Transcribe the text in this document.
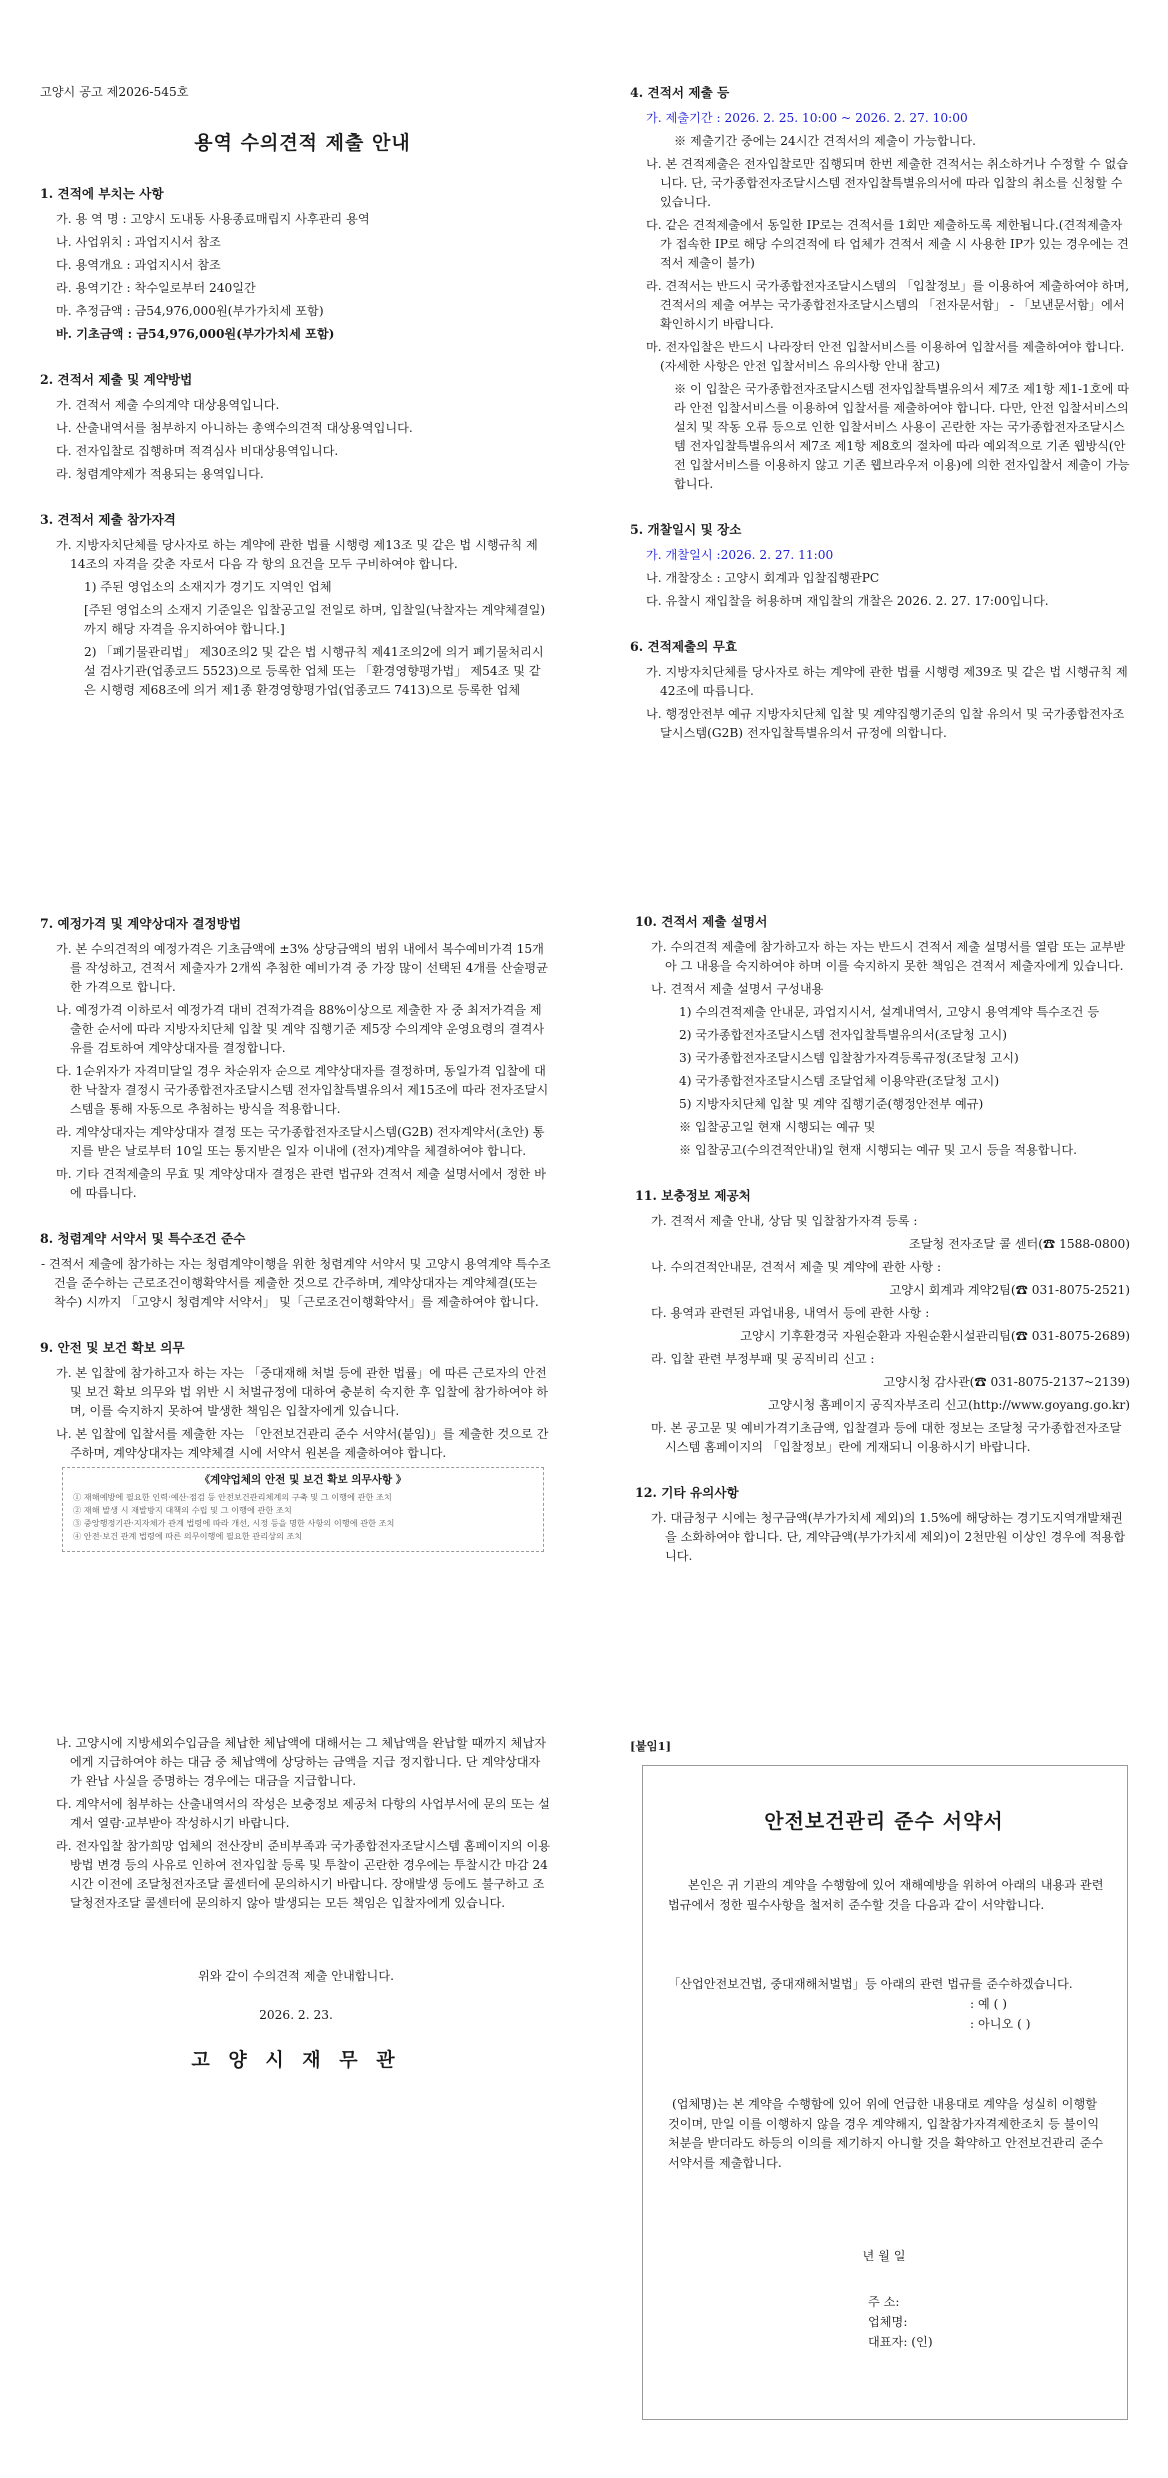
고양시 공고 제2026-545호
용역 수의견적 제출 안내
1. 견적에 부치는 사항
가. 용 역 명 : 고양시 도내동 사용종료매립지 사후관리 용역
나. 사업위치 : 과업지시서 참조
다. 용역개요 : 과업지시서 참조
라. 용역기간 : 착수일로부터 240일간
마. 추정금액 : 금54,976,000원(부가가치세 포함)
바. 기초금액 : 금54,976,000원(부가가치세 포함)
2. 견적서 제출 및 계약방법
가. 견적서 제출 수의계약 대상용역입니다.
나. 산출내역서를 첨부하지 아니하는 총액수의견적 대상용역입니다.
다. 전자입찰로 집행하며 적격심사 비대상용역입니다.
라. 청렴계약제가 적용되는 용역입니다.
3. 견적서 제출 참가자격
가. 지방자치단체를 당사자로 하는 계약에 관한 법률 시행령 제13조 및 같은 법 시행규칙 제14조의 자격을 갖춘 자로서 다음 각 항의 요건을 모두 구비하여야 합니다.
1) 주된 영업소의 소재지가 경기도 지역인 업체
[주된 영업소의 소재지 기준일은 입찰공고일 전일로 하며, 입찰일(낙찰자는 계약체결일)까지 해당 자격을 유지하여야 합니다.]
2) 「폐기물관리법」 제30조의2 및 같은 법 시행규칙 제41조의2에 의거 폐기물처리시설 검사기관(업종코드 5523)으로 등록한 업체 또는 「환경영향평가법」 제54조 및 같은 시행령 제68조에 의거 제1종 환경영향평가업(업종코드 7413)으로 등록한 업체
4. 견적서 제출 등
가. 제출기간 : 2026. 2. 25. 10:00 ~ 2026. 2. 27. 10:00
※ 제출기간 중에는 24시간 견적서의 제출이 가능합니다.
나. 본 견적제출은 전자입찰로만 집행되며 한번 제출한 견적서는 취소하거나 수정할 수 없습니다. 단, 국가종합전자조달시스템 전자입찰특별유의서에 따라 입찰의 취소를 신청할 수 있습니다.
다. 같은 견적제출에서 동일한 IP로는 견적서를 1회만 제출하도록 제한됩니다.(견적제출자가 접속한 IP로 해당 수의견적에 타 업체가 견적서 제출 시 사용한 IP가 있는 경우에는 견적서 제출이 불가)
라. 견적서는 반드시 국가종합전자조달시스템의 「입찰정보」를 이용하여 제출하여야 하며, 견적서의 제출 여부는 국가종합전자조달시스템의 「전자문서함」 - 「보낸문서함」에서 확인하시기 바랍니다.
마. 전자입찰은 반드시 나라장터 안전 입찰서비스를 이용하여 입찰서를 제출하여야 합니다.(자세한 사항은 안전 입찰서비스 유의사항 안내 참고)
※ 이 입찰은 국가종합전자조달시스템 전자입찰특별유의서 제7조 제1항 제1-1호에 따라 안전 입찰서비스를 이용하여 입찰서를 제출하여야 합니다. 다만, 안전 입찰서비스의 설치 및 작동 오류 등으로 인한 입찰서비스 사용이 곤란한 자는 국가종합전자조달시스템 전자입찰특별유의서 제7조 제1항 제8호의 절차에 따라 예외적으로 기존 웹방식(안전 입찰서비스를 이용하지 않고 기존 웹브라우저 이용)에 의한 전자입찰서 제출이 가능합니다.
5. 개찰일시 및 장소
가. 개찰일시 :2026. 2. 27. 11:00
나. 개찰장소 : 고양시 회계과 입찰집행관PC
다. 유찰시 재입찰을 허용하며 재입찰의 개찰은 2026. 2. 27. 17:00입니다.
6. 견적제출의 무효
가. 지방자치단체를 당사자로 하는 계약에 관한 법률 시행령 제39조 및 같은 법 시행규칙 제42조에 따릅니다.
나. 행정안전부 예규 지방자치단체 입찰 및 계약집행기준의 입찰 유의서 및 국가종합전자조달시스템(G2B) 전자입찰특별유의서 규정에 의합니다.
7. 예정가격 및 계약상대자 결정방법
가. 본 수의견적의 예정가격은 기초금액에 ±3% 상당금액의 범위 내에서 복수예비가격 15개를 작성하고, 견적서 제출자가 2개씩 추첨한 예비가격 중 가장 많이 선택된 4개를 산술평균한 가격으로 합니다.
나. 예정가격 이하로서 예정가격 대비 견적가격을 88%이상으로 제출한 자 중 최저가격을 제출한 순서에 따라 지방자치단체 입찰 및 계약 집행기준 제5장 수의계약 운영요령의 결격사유를 검토하여 계약상대자를 결정합니다.
다. 1순위자가 자격미달일 경우 차순위자 순으로 계약상대자를 결정하며, 동일가격 입찰에 대한 낙찰자 결정시 국가종합전자조달시스템 전자입찰특별유의서 제15조에 따라 전자조달시스템을 통해 자동으로 추첨하는 방식을 적용합니다.
라. 계약상대자는 계약상대자 결정 또는 국가종합전자조달시스템(G2B) 전자계약서(초안) 통지를 받은 날로부터 10일 또는 통지받은 일자 이내에 (전자)계약을 체결하여야 합니다.
마. 기타 견적제출의 무효 및 계약상대자 결정은 관련 법규와 견적서 제출 설명서에서 정한 바에 따릅니다.
8. 청렴계약 서약서 및 특수조건 준수
- 견적서 제출에 참가하는 자는 청렴계약이행을 위한 청렴계약 서약서 및 고양시 용역계약 특수조건을 준수하는 근로조건이행확약서를 제출한 것으로 간주하며, 계약상대자는 계약체결(또는 착수) 시까지 「고양시 청렴계약 서약서」 및「근로조건이행확약서」를 제출하여야 합니다.
9. 안전 및 보건 확보 의무
가. 본 입찰에 참가하고자 하는 자는 「중대재해 처벌 등에 관한 법률」에 따른 근로자의 안전 및 보건 확보 의무와 법 위반 시 처벌규정에 대하여 충분히 숙지한 후 입찰에 참가하여야 하며, 이를 숙지하지 못하여 발생한 책임은 입찰자에게 있습니다.
나. 본 입찰에 입찰서를 제출한 자는 「안전보건관리 준수 서약서(붙임)」를 제출한 것으로 간주하며, 계약상대자는 계약체결 시에 서약서 원본을 제출하여야 합니다.
《계약업체의 안전 및 보건 확보 의무사항 》
① 재해예방에 필요한 인력·예산·점검 등 안전보건관리체계의 구축 및 그 이행에 관한 조치
② 재해 발생 시 재발방지 대책의 수립 및 그 이행에 관한 조치
③ 중앙행정기관·지자체가 관계 법령에 따라 개선, 시정 등을 명한 사항의 이행에 관한 조치
④ 안전·보건 관계 법령에 따른 의무이행에 필요한 관리상의 조치
10. 견적서 제출 설명서
가. 수의견적 제출에 참가하고자 하는 자는 반드시 견적서 제출 설명서를 열람 또는 교부받아 그 내용을 숙지하여야 하며 이를 숙지하지 못한 책임은 견적서 제출자에게 있습니다.
나. 견적서 제출 설명서 구성내용
1) 수의견적제출 안내문, 과업지시서, 설계내역서, 고양시 용역계약 특수조건 등
2) 국가종합전자조달시스템 전자입찰특별유의서(조달청 고시)
3) 국가종합전자조달시스템 입찰참가자격등록규정(조달청 고시)
4) 국가종합전자조달시스템 조달업체 이용약관(조달청 고시)
5) 지방자치단체 입찰 및 계약 집행기준(행정안전부 예규)
※ 입찰공고일 현재 시행되는 예규 및
※ 입찰공고(수의견적안내)일 현재 시행되는 예규 및 고시 등을 적용합니다.
11. 보충정보 제공처
가. 견적서 제출 안내, 상담 및 입찰참가자격 등록 :
조달청 전자조달 콜 센터(☎ 1588-0800)
나. 수의견적안내문, 견적서 제출 및 계약에 관한 사항 :
고양시 회계과 계약2팀(☎ 031-8075-2521)
다. 용역과 관련된 과업내용, 내역서 등에 관한 사항 :
고양시 기후환경국 자원순환과 자원순환시설관리팀(☎ 031-8075-2689)
라. 입찰 관련 부정부패 및 공직비리 신고 :
고양시청 감사관(☎ 031-8075-2137~2139)
고양시청 홈페이지 공직자부조리 신고(http://www.goyang.go.kr)
마. 본 공고문 및 예비가격기초금액, 입찰결과 등에 대한 정보는 조달청 국가종합전자조달시스템 홈페이지의 「입찰정보」란에 게재되니 이용하시기 바랍니다.
12. 기타 유의사항
가. 대금청구 시에는 청구금액(부가가치세 제외)의 1.5%에 해당하는 경기도지역개발채권을 소화하여야 합니다. 단, 계약금액(부가가치세 제외)이 2천만원 이상인 경우에 적용합니다.
나. 고양시에 지방세외수입금을 체납한 체납액에 대해서는 그 체납액을 완납할 때까지 체납자에게 지급하여야 하는 대금 중 체납액에 상당하는 금액을 지급 정지합니다. 단 계약상대자가 완납 사실을 증명하는 경우에는 대금을 지급합니다.
다. 계약서에 첨부하는 산출내역서의 작성은 보충정보 제공처 다항의 사업부서에 문의 또는 설계서 열람·교부받아 작성하시기 바랍니다.
라. 전자입찰 참가희망 업체의 전산장비 준비부족과 국가종합전자조달시스템 홈페이지의 이용방법 변경 등의 사유로 인하여 전자입찰 등록 및 투찰이 곤란한 경우에는 투찰시간 마감 24시간 이전에 조달청전자조달 콜센터에 문의하시기 바랍니다. 장애발생 등에도 불구하고 조달청전자조달 콜센터에 문의하지 않아 발생되는 모든 책임은 입찰자에게 있습니다.
위와 같이 수의견적 제출 안내합니다.
2026. 2. 23.
고 양 시 재 무 관
[붙임1]
안전보건관리 준수 서약서
본인은 귀 기관의 계약을 수행함에 있어 재해예방을 위하여 아래의 내용과 관련 법규에서 정한 필수사항을 철저히 준수할 것을 다음과 같이 서약합니다.
「산업안전보건법, 중대재해처벌법」등 아래의 관련 법규를 준수하겠습니다.
: 예 ( )
: 아니오 ( )
(업체명)는 본 계약을 수행함에 있어 위에 언급한 내용대로 계약을 성실히 이행할 것이며, 만일 이를 이행하지 않을 경우 계약해지, 입찰참가자격제한조치 등 불이익 처분을 받더라도 하등의 이의를 제기하지 아니할 것을 확약하고 안전보건관리 준수서약서를 제출합니다.
년 월 일
주 소:
업체명:
대표자: (인)
